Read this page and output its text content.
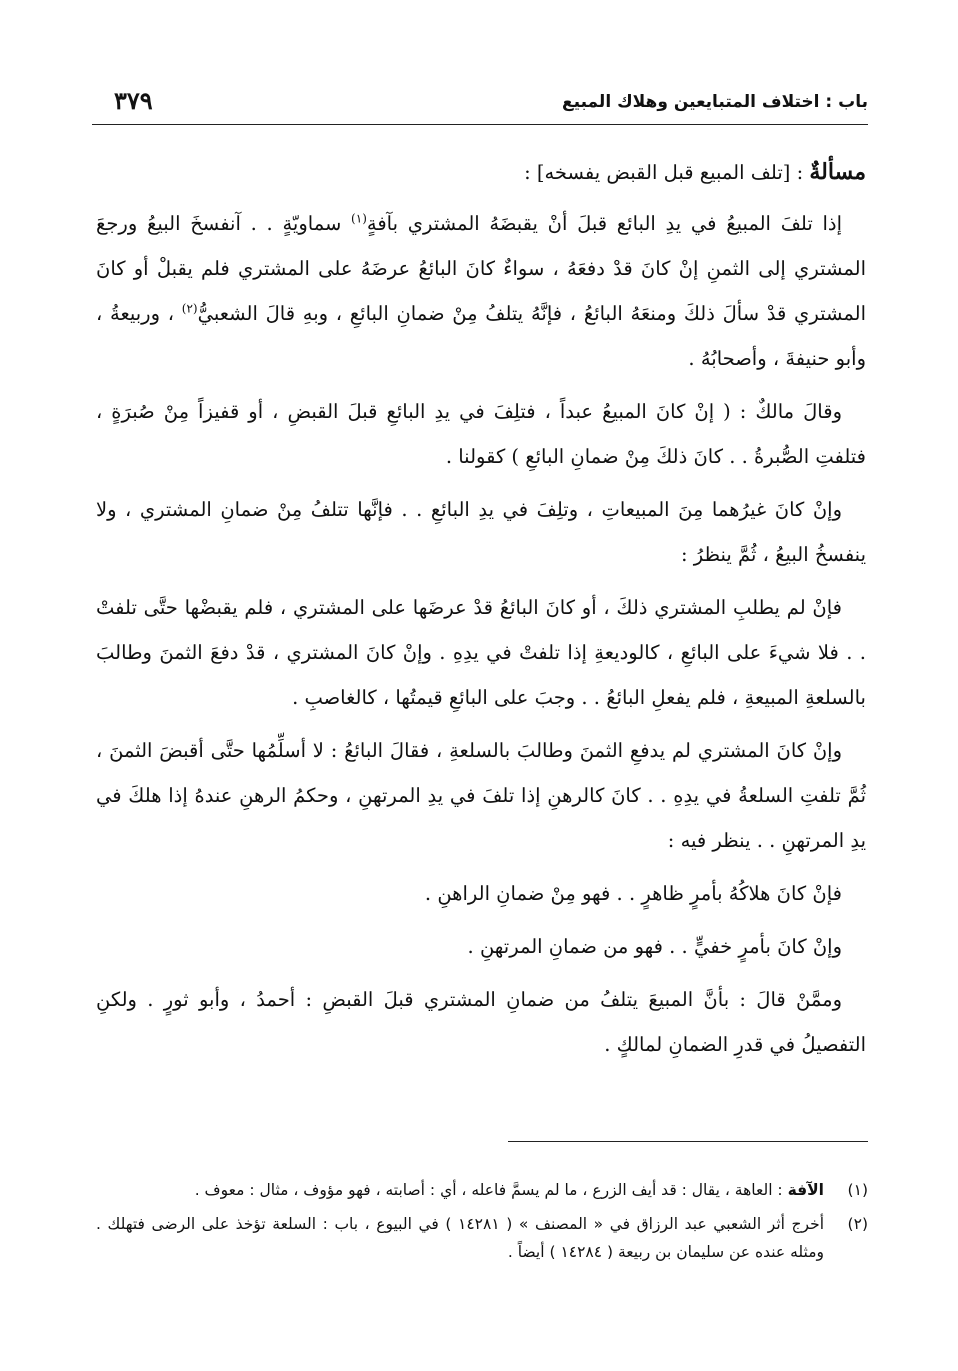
باب : اختلاف المتبايعين وهلاك المبيع
٣٧٩

مسألةٌ : [تلف المبيع قبل القبض يفسخه] :

إذا تلفَ المبيعُ في يدِ البائع قبلَ أنْ يقبضَهُ المشتري بآفةٍ$^{(١)}$ سماويّةٍ . . آنفسخَ البيعُ ورجعَ المشتري إلى الثمنِ إنْ كانَ قدْ دفعَهُ ، سواءٌ كانَ البائعُ عرضَهُ على المشتري فلم يقبلْ أو كانَ المشتري قدْ سألَ ذلكَ ومنعَهُ البائعُ ، فإنَّهُ يتلفُ مِنْ ضمانِ البائعِ ، وبهِ قالَ الشعبيُّ$^{(٢)}$ ، وربيعةُ ، وأبو حنيفةَ ، وأصحابُهُ .

وقالَ مالكٌ : ( إنْ كانَ المبيعُ عبداً ، فتلِفَ في يدِ البائعِ قبلَ القبضِ ، أو قفيزاً مِنْ صُبرَةٍ ، فتلفتِ الصُّبرةُ . . كانَ ذلكَ مِنْ ضمانِ البائعِ ) كقولنا .

وإنْ كانَ غيرُهما مِنَ المبيعاتِ ، وتلِفَ في يدِ البائعِ . . فإنَّها تتلفُ مِنْ ضمانِ المشتري ، ولا ينفسخُ البيعُ ، ثُمَّ ينظرُ :

فإنْ لم يطلبِ المشتري ذلكَ ، أو كانَ البائعُ قدْ عرضَها على المشتري ، فلم يقبضْها حتَّى تلفتْ . . فلا شيءَ على البائعِ ، كالوديعةِ إذا تلفتْ في يدِهِ . وإنْ كانَ المشتري ، قدْ دفعَ الثمنَ وطالبَ بالسلعةِ المبيعةِ ، فلم يفعلِ البائعُ . . وجبَ على البائعِ قيمتُها ، كالغاصبِ .

وإنْ كانَ المشتري لم يدفعِ الثمنَ وطالبَ بالسلعةِ ، فقالَ البائعُ : لا أسلِّمُها حتَّى أقبضَ الثمنَ ، ثُمَّ تلفتِ السلعةُ في يدِهِ . . كانَ كالرهنِ إذا تلفَ في يدِ المرتهنِ ، وحكمُ الرهنِ عندهُ إذا هلكَ في يدِ المرتهنِ . . ينظر فيه :

فإنْ كانَ هلاكُهُ بأمرٍ ظاهرٍ . . فهو مِنْ ضمانِ الراهنِ .

وإنْ كانَ بأمرٍ خفيٍّ . . فهو من ضمانِ المرتهنِ .

وممَّنْ قالَ : بأنَّ المبيعَ يتلفُ من ضمانِ المشتري قبلَ القبضِ : أحمدُ ، وأبو ثورٍ . ولكنِ التفصيلُ في قدرِ الضمانِ لمالكٍ .

(١)
الآفة : العاهة ، يقال : قد أيف الزرع ، ما لم يسمَّ فاعله ، أي : أصابته ، فهو مؤوف ، مثال : معوف .
(٢)
أخرج أثر الشعبي عبد الرزاق في « المصنف » ( ١٤٢٨١ ) في البيوع ، باب : السلعة تؤخذ على الرضى فتهلك . ومثله عنده عن سليمان بن ربيعة ( ١٤٢٨٤ ) أيضاً .
